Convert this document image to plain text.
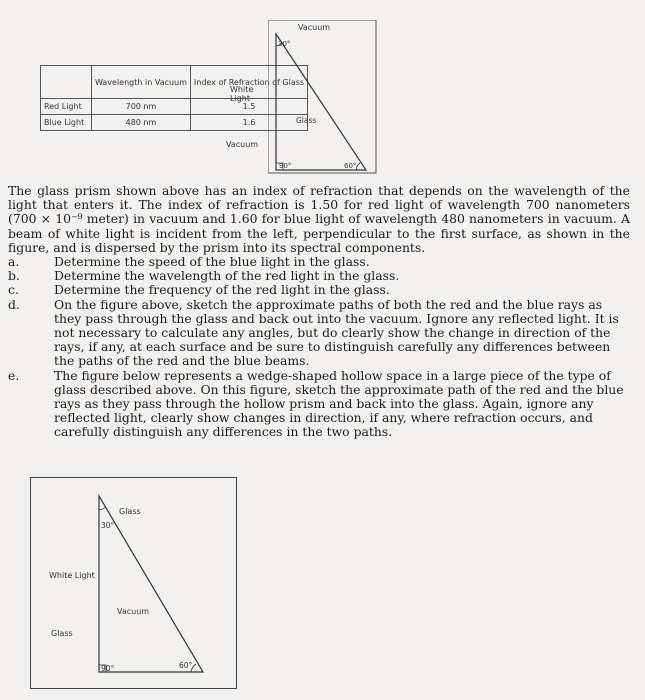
	Wavelength in Vacuum	Index of Refraction of Glass
Red Light	700 nm	1.5
Blue Light	480 nm	1.6
White Light
Vacuum
Vacuum
30°
Glass
90°	60°

The glass prism shown above has an index of refraction that depends on the wavelength of the light that enters it. The index of refraction is 1.50 for red light of wavelength 700 nanometers (700 × 10⁻⁹ meter) in vacuum and 1.60 for blue light of wavelength 480 nanometers in vacuum. A beam of white light is incident from the left, perpendicular to the first surface, as shown in the figure, and is dispersed by the prism into its spectral components.

a.	Determine the speed of the blue light in the glass.
b.	Determine the wavelength of the red light in the glass.
c.	Determine the frequency of the red light in the glass.
d.	On the figure above, sketch the approximate paths of both the red and the blue rays as they pass through the glass and back out into the vacuum. Ignore any reflected light. It is not necessary to calculate any angles, but do clearly show the change in direction of the rays, if any, at each surface and be sure to distinguish carefully any differences between the paths of the red and the blue beams.
e.	The figure below represents a wedge-shaped hollow space in a large piece of the type of glass described above. On this figure, sketch the approximate path of the red and the blue rays as they pass through the hollow prism and back into the glass. Again, ignore any reflected light, clearly show changes in direction, if any, where refraction occurs, and carefully distinguish any differences in the two paths.
Glass
30°
White Light
Vacuum
Glass
90°	60°
